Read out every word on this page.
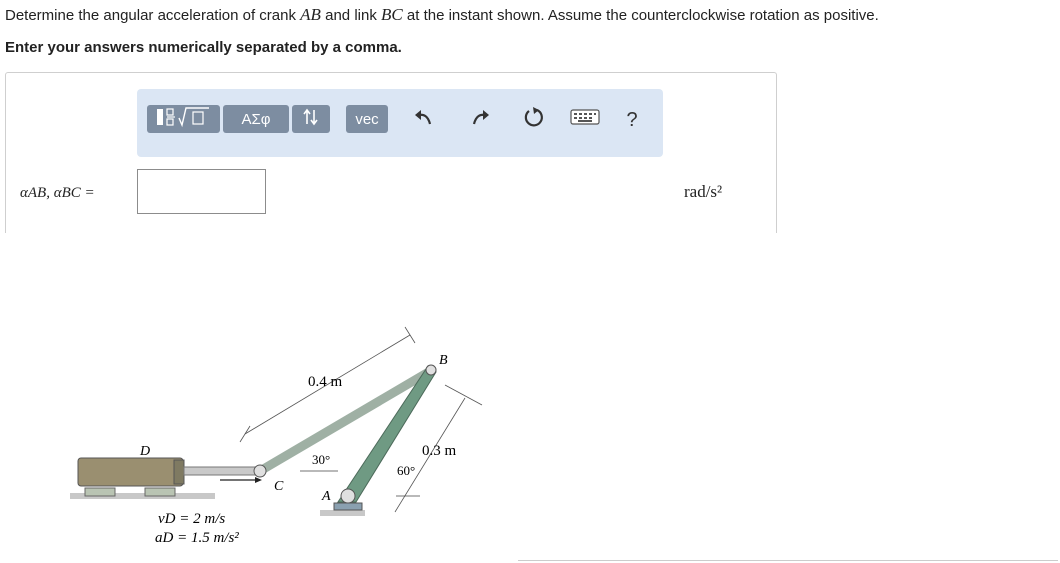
Determine the angular acceleration of crank AB and link BC at the instant shown. Assume the counterclockwise rotation as positive.
Enter your answers numerically separated by a comma.
ΑΣφ	vec	?
αAB, αBC =	rad/s²
D
C
A
B
0.4 m
0.3 m
30°
60°
vD = 2 m/s
aD = 1.5 m/s²
